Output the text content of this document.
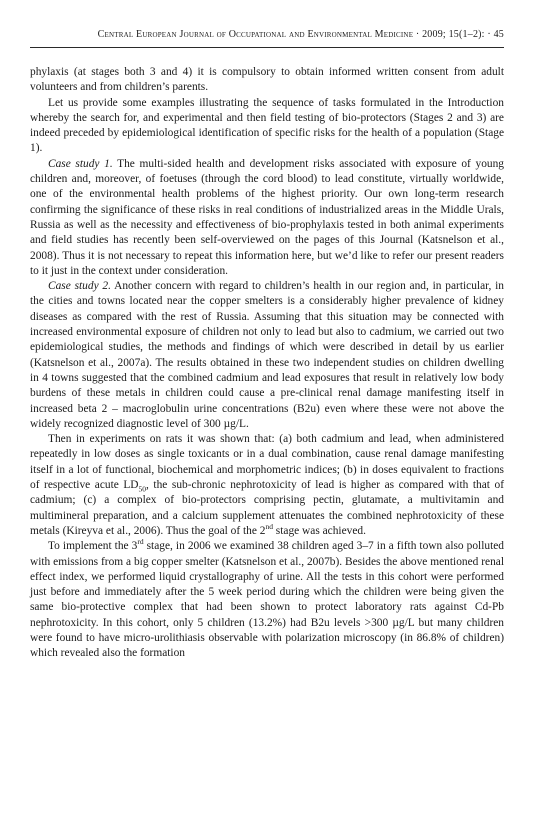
Central European Journal of Occupational and Environmental Medicine · 2009; 15(1–2): · 45

phylaxis (at stages both 3 and 4) it is compulsory to obtain informed written consent from adult volunteers and from children’s parents.

Let us provide some examples illustrating the sequence of tasks formulated in the Introduction whereby the search for, and experimental and then field testing of bio-protectors (Stages 2 and 3) are indeed preceded by epidemiological identification of specific risks for the health of a population (Stage 1).

Case study 1. The multi-sided health and development risks associated with exposure of young children and, moreover, of foetuses (through the cord blood) to lead constitute, virtually worldwide, one of the environmental health problems of the highest priority. Our own long-term research confirming the significance of these risks in real conditions of industrialized areas in the Middle Urals, Russia as well as the necessity and effectiveness of bio-prophylaxis tested in both animal experiments and field studies has recently been self-overviewed on the pages of this Journal (Katsnelson et al., 2008). Thus it is not necessary to repeat this information here, but we’d like to refer our present readers to it just in the context under consideration.

Case study 2. Another concern with regard to children’s health in our region and, in particular, in the cities and towns located near the copper smelters is a considerably higher prevalence of kidney diseases as compared with the rest of Russia. Assuming that this situation may be connected with increased environmental exposure of children not only to lead but also to cadmium, we carried out two epidemiological studies, the methods and findings of which were described in detail by us earlier (Katsnelson et al., 2007a). The results obtained in these two independent studies on children dwelling in 4 towns suggested that the combined cadmium and lead exposures that result in relatively low body burdens of these metals in children could cause a pre-clinical renal damage manifesting itself in increased beta 2 – macroglobulin urine concentrations (B2u) even where these were not above the widely recognized diagnostic level of 300 µg/L.

Then in experiments on rats it was shown that: (a) both cadmium and lead, when administered repeatedly in low doses as single toxicants or in a dual combination, cause renal damage manifesting itself in a lot of functional, biochemical and morphometric indices; (b) in doses equivalent to fractions of respective acute $LD_{50}$, the sub-chronic nephrotoxicity of lead is higher as compared with that of cadmium; (c) a complex of bio-protectors comprising pectin, glutamate, a multivitamin and multimineral preparation, and a calcium supplement attenuates the combined nephrotoxicity of these metals (Kireyva et al., 2006). Thus the goal of the 2nd stage was achieved.

To implement the 3rd stage, in 2006 we examined 38 children aged 3–7 in a fifth town also polluted with emissions from a big copper smelter (Katsnelson et al., 2007b). Besides the above mentioned renal effect index, we performed liquid crystallography of urine. All the tests in this cohort were performed just before and immediately after the 5 week period during which the children were being given the same bio-protective complex that had been shown to protect laboratory rats against Cd-Pb nephrotoxicity. In this cohort, only 5 children (13.2%) had B2u levels >300 µg/L but many children were found to have micro-urolithiasis observable with polarization microscopy (in 86.8% of children) which revealed also the formation
